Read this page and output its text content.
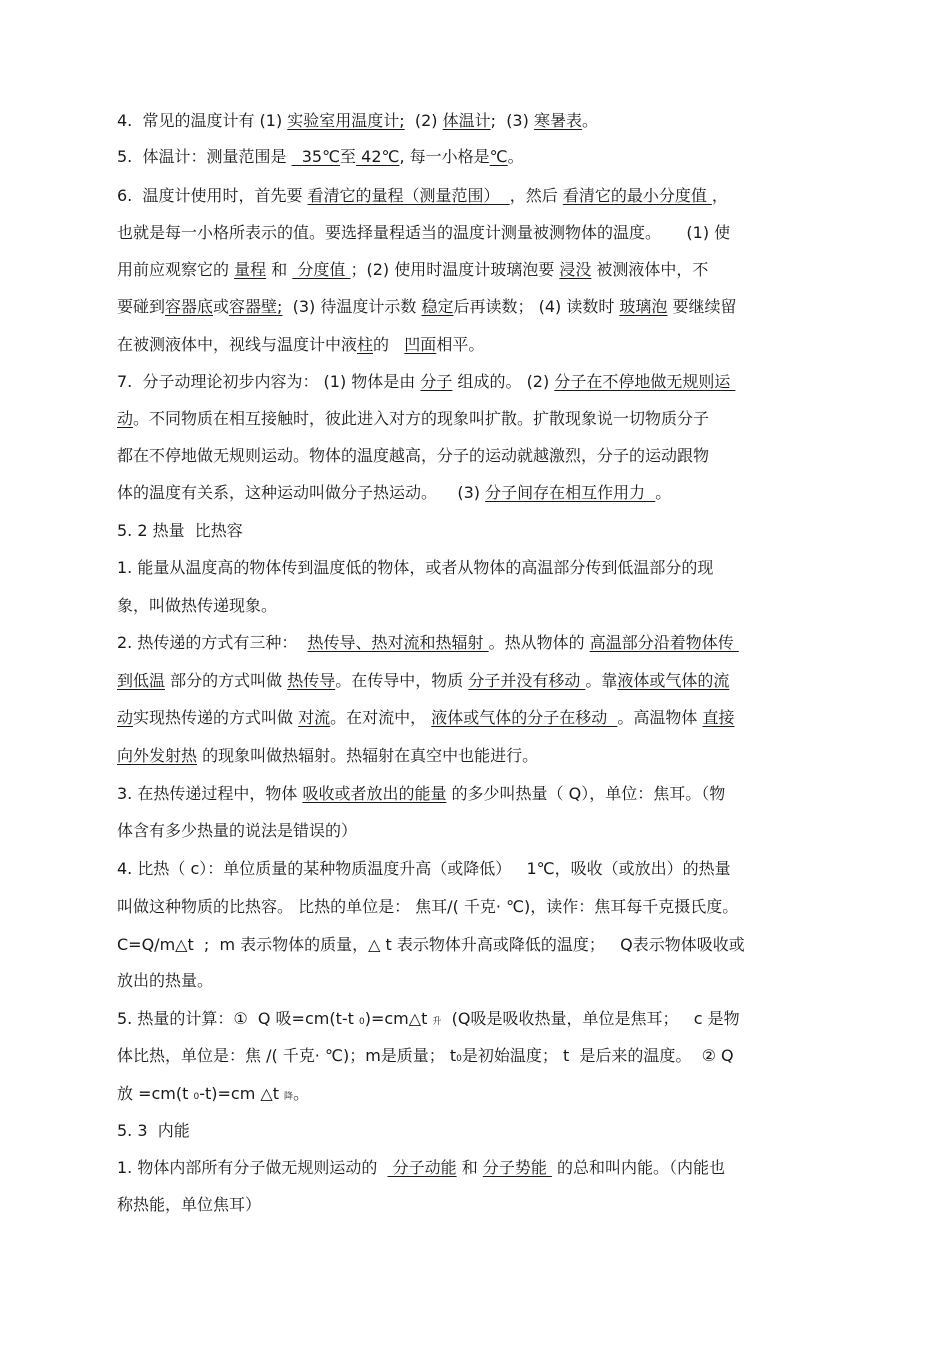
4.  常见的温度计有 (1) 实验室用温度计;  (2) 体温计;  (3) 寒暑表。
5.  体温计：测量范围是   35℃至 42℃, 每一小格是℃。
6.  温度计使用时，首先要 看清它的量程（测量范围）  ，然后 看清它的最小分度值 ，
也就是每一小格所表示的值。要选择量程适当的温度计测量被测物体的温度。     (1) 使
用前应观察它的 量程 和  分度值 ；(2) 使用时温度计玻璃泡要 浸没 被测液体中，不
要碰到容器底或容器壁;  (3) 待温度计示数 稳定后再读数； (4) 读数时 玻璃泡 要继续留
在被测液体中，视线与温度计中液柱的   凹面相平。
7.  分子动理论初步内容为： (1) 物体是由 分子 组成的。 (2) 分子在不停地做无规则运
动。不同物质在相互接触时，彼此进入对方的现象叫扩散。扩散现象说一切物质分子
都在不停地做无规则运动。物体的温度越高，分子的运动就越激烈，分子的运动跟物
体的温度有关系，这种运动叫做分子热运动。    (3) 分子间存在相互作用力  。
5. 2 热量  比热容
1. 能量从温度高的物体传到温度低的物体，或者从物体的高温部分传到低温部分的现
象，叫做热传递现象。
2. 热传递的方式有三种：  热传导、热对流和热辐射 。热从物体的 高温部分沿着物体传
到低温 部分的方式叫做 热传导。在传导中，物质 分子并没有移动 。靠液体或气体的流
动实现热传递的方式叫做 对流。在对流中， 液体或气体的分子在移动  。高温物体 直接
向外发射热 的现象叫做热辐射。热辐射在真空中也能进行。
3. 在热传递过程中，物体 吸收或者放出的能量 的多少叫热量（ Q），单位：焦耳。（物
体含有多少热量的说法是错误的）
4. 比热（ c）：单位质量的某种物质温度升高（或降低）   1℃，吸收（或放出）的热量
叫做这种物质的比热容。 比热的单位是： 焦耳/( 千克· ℃)，读作：焦耳每千克摄氏度。
C=Q/m△t  ;  m 表示物体的质量，△ t 表示物体升高或降低的温度；   Q表示物体吸收或
放出的热量。
5. 热量的计算：①  Q 吸=cm(t-t 0)=cm△t 升  (Q吸是吸收热量，单位是焦耳；   c 是物
体比热，单位是：焦 /( 千克· ℃)；m是质量； t0是初始温度； t  是后来的温度。  ② Q
放 =cm(t 0-t)=cm △t 降。
5. 3  内能
1. 物体内部所有分子做无规则运动的   分子动能 和 分子势能  的总和叫内能。（内能也
称热能，单位焦耳）
